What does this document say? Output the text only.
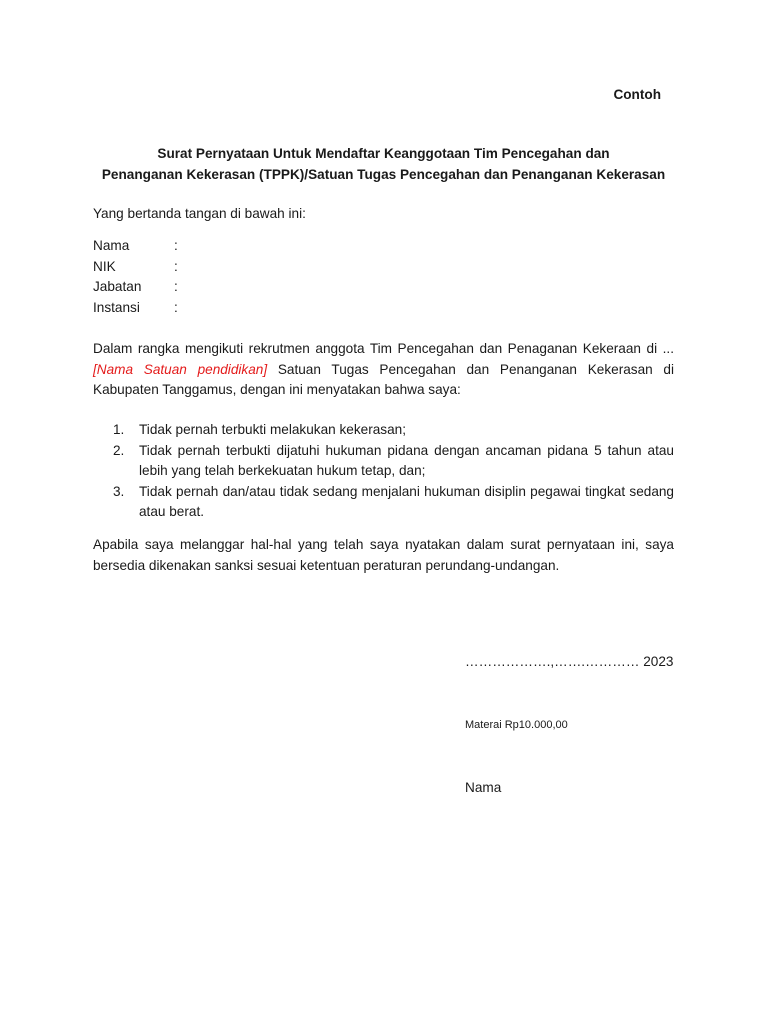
Contoh
Surat Pernyataan Untuk Mendaftar Keanggotaan Tim Pencegahan dan
Penanganan Kekerasan (TPPK)/Satuan Tugas Pencegahan dan Penanganan Kekerasan
Yang bertanda tangan di bawah ini:
Nama	:
NIK	:
Jabatan	:
Instansi	:
Dalam rangka mengikuti rekrutmen anggota Tim Pencegahan dan Penaganan Kekeraan di ... [Nama Satuan pendidikan] Satuan Tugas Pencegahan dan Penanganan Kekerasan di Kabupaten Tanggamus, dengan ini menyatakan bahwa saya:
1.	Tidak pernah terbukti melakukan kekerasan;
2.	Tidak pernah terbukti dijatuhi hukuman pidana dengan ancaman pidana 5 tahun atau lebih yang telah berkekuatan hukum tetap, dan;
3.	Tidak pernah dan/atau tidak sedang menjalani hukuman disiplin pegawai tingkat sedang atau berat.
Apabila saya melanggar hal-hal yang telah saya nyatakan dalam surat pernyataan ini, saya bersedia dikenakan sanksi sesuai ketentuan peraturan perundang-undangan.
……………….,…….………… 2023
Materai Rp10.000,00
Nama
